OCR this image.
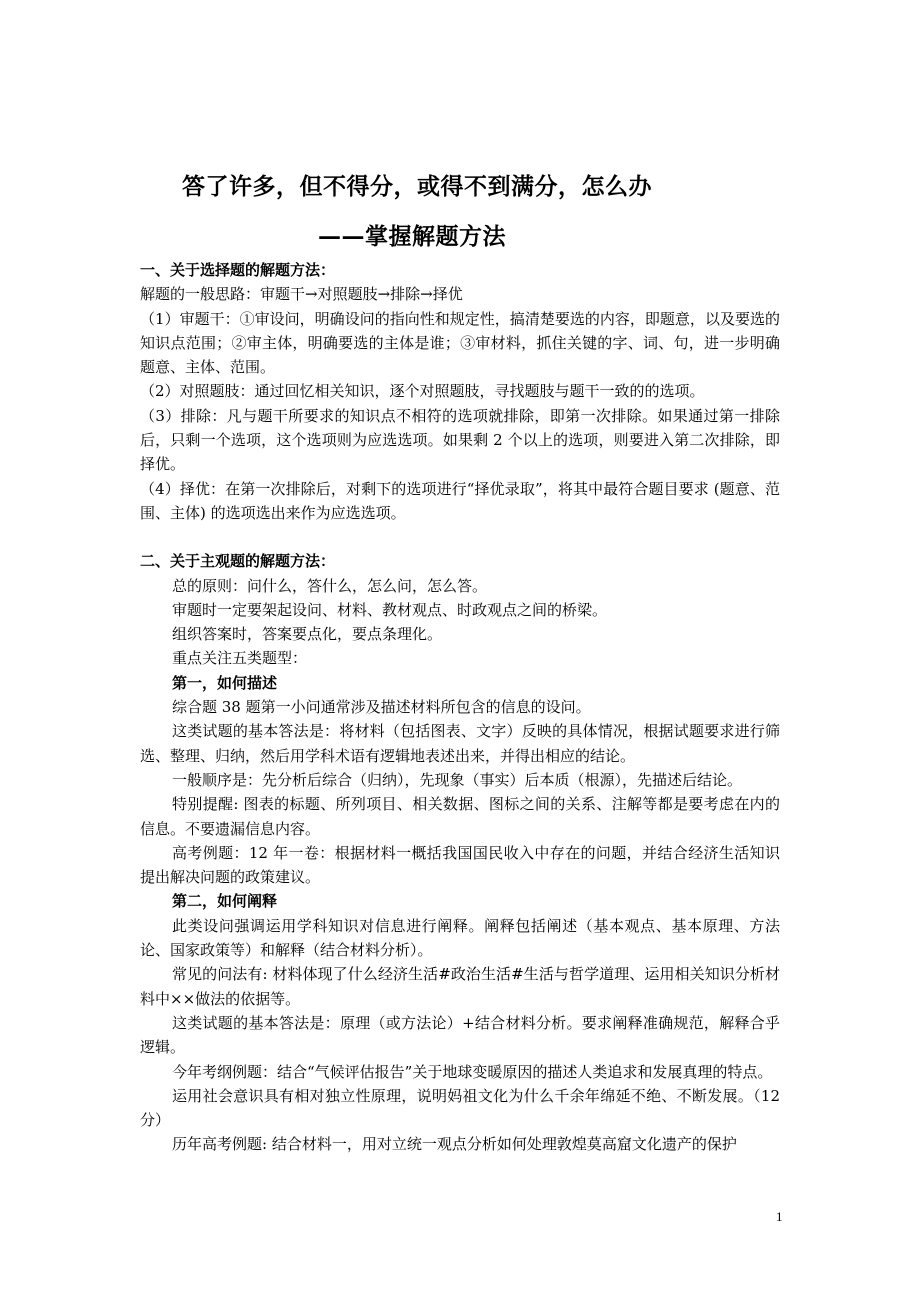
答了许多，但不得分，或得不到满分，怎么办
——掌握解题方法

一、关于选择题的解题方法：

解题的一般思路：审题干→对照题肢→排除→择优

（1）审题干：①审设问，明确设问的指向性和规定性，搞清楚要选的内容，即题意，以及要选的知识点范围；②审主体，明确要选的主体是谁；③审材料，抓住关键的字、词、句，进一步明确题意、主体、范围。

（2）对照题肢：通过回忆相关知识，逐个对照题肢，寻找题肢与题干一致的的选项。

（3）排除：凡与题干所要求的知识点不相符的选项就排除，即第一次排除。如果通过第一排除后，只剩一个选项，这个选项则为应选选项。如果剩 2 个以上的选项，则要进入第二次排除，即择优。

（4）择优：在第一次排除后，对剩下的选项进行“择优录取”，将其中最符合题目要求 (题意、范围、主体) 的选项选出来作为应选选项。

二、关于主观题的解题方法：

总的原则：问什么，答什么，怎么问，怎么答。

审题时一定要架起设问、材料、教材观点、时政观点之间的桥梁。

组织答案时，答案要点化，要点条理化。

重点关注五类题型：

第一，如何描述

综合题 38 题第一小问通常涉及描述材料所包含的信息的设问。

这类试题的基本答法是：将材料（包括图表、文字）反映的具体情况，根据试题要求进行筛选、整理、归纳，然后用学科术语有逻辑地表述出来，并得出相应的结论。

一般顺序是：先分析后综合（归纳），先现象（事实）后本质（根源），先描述后结论。

特别提醒: 图表的标题、所列项目、相关数据、图标之间的关系、注解等都是要考虑在内的信息。不要遗漏信息内容。

高考例题：12 年一卷：根据材料一概括我国国民收入中存在的问题，并结合经济生活知识提出解决问题的政策建议。

第二，如何阐释

此类设问强调运用学科知识对信息进行阐释。阐释包括阐述（基本观点、基本原理、方法论、国家政策等）和解释（结合材料分析）。

常见的问法有: 材料体现了什么经济生活#政治生活#生活与哲学道理、运用相关知识分析材料中××做法的依据等。

这类试题的基本答法是：原理（或方法论）+结合材料分析。要求阐释准确规范，解释合乎逻辑。

今年考纲例题：结合“气候评估报告”关于地球变暖原因的描述人类追求和发展真理的特点。

运用社会意识具有相对独立性原理，说明妈祖文化为什么千余年绵延不绝、不断发展。（12 分）

历年高考例题: 结合材料一，用对立统一观点分析如何处理敦煌莫高窟文化遗产的保护

1
